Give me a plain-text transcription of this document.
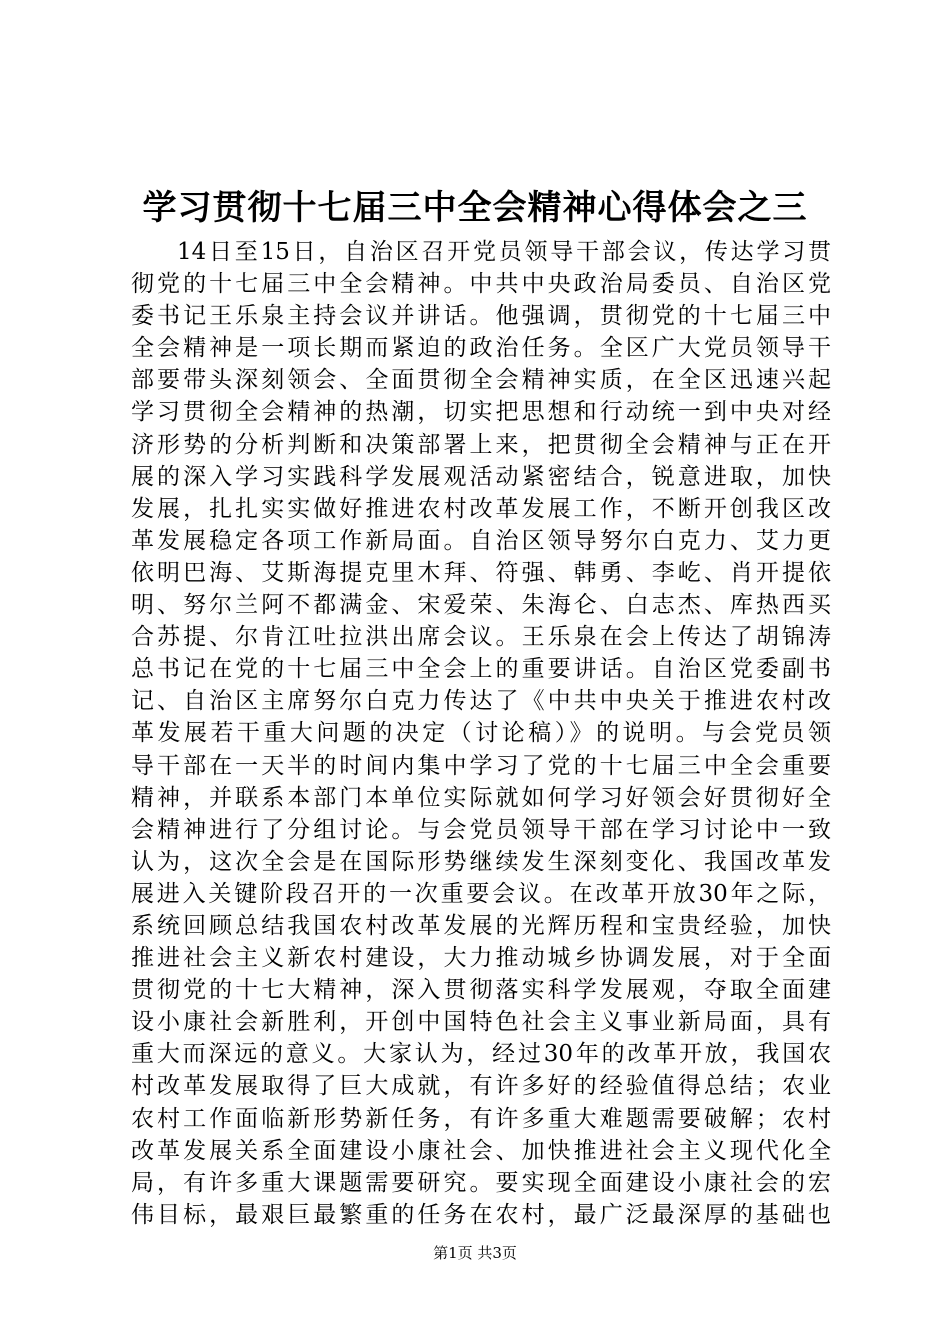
学习贯彻十七届三中全会精神心得体会之三
14日至15日，自治区召开党员领导干部会议，传达学习贯
彻党的十七届三中全会精神。中共中央政治局委员、自治区党
委书记王乐泉主持会议并讲话。他强调，贯彻党的十七届三中
全会精神是一项长期而紧迫的政治任务。全区广大党员领导干
部要带头深刻领会、全面贯彻全会精神实质，在全区迅速兴起
学习贯彻全会精神的热潮，切实把思想和行动统一到中央对经
济形势的分析判断和决策部署上来，把贯彻全会精神与正在开
展的深入学习实践科学发展观活动紧密结合，锐意进取，加快
发展，扎扎实实做好推进农村改革发展工作，不断开创我区改
革发展稳定各项工作新局面。自治区领导努尔白克力、艾力更
依明巴海、艾斯海提克里木拜、符强、韩勇、李屹、肖开提依
明、努尔兰阿不都满金、宋爱荣、朱海仑、白志杰、库热西买
合苏提、尔肯江吐拉洪出席会议。王乐泉在会上传达了胡锦涛
总书记在党的十七届三中全会上的重要讲话。自治区党委副书
记、自治区主席努尔白克力传达了《中共中央关于推进农村改
革发展若干重大问题的决定（讨论稿）》的说明。与会党员领
导干部在一天半的时间内集中学习了党的十七届三中全会重要
精神，并联系本部门本单位实际就如何学习好领会好贯彻好全
会精神进行了分组讨论。与会党员领导干部在学习讨论中一致
认为，这次全会是在国际形势继续发生深刻变化、我国改革发
展进入关键阶段召开的一次重要会议。在改革开放30年之际，
系统回顾总结我国农村改革发展的光辉历程和宝贵经验，加快
推进社会主义新农村建设，大力推动城乡协调发展，对于全面
贯彻党的十七大精神，深入贯彻落实科学发展观，夺取全面建
设小康社会新胜利，开创中国特色社会主义事业新局面，具有
重大而深远的意义。大家认为，经过30年的改革开放，我国农
村改革发展取得了巨大成就，有许多好的经验值得总结；农业
农村工作面临新形势新任务，有许多重大难题需要破解；农村
改革发展关系全面建设小康社会、加快推进社会主义现代化全
局，有许多重大课题需要研究。要实现全面建设小康社会的宏
伟目标，最艰巨最繁重的任务在农村，最广泛最深厚的基础也
第1页 共3页
